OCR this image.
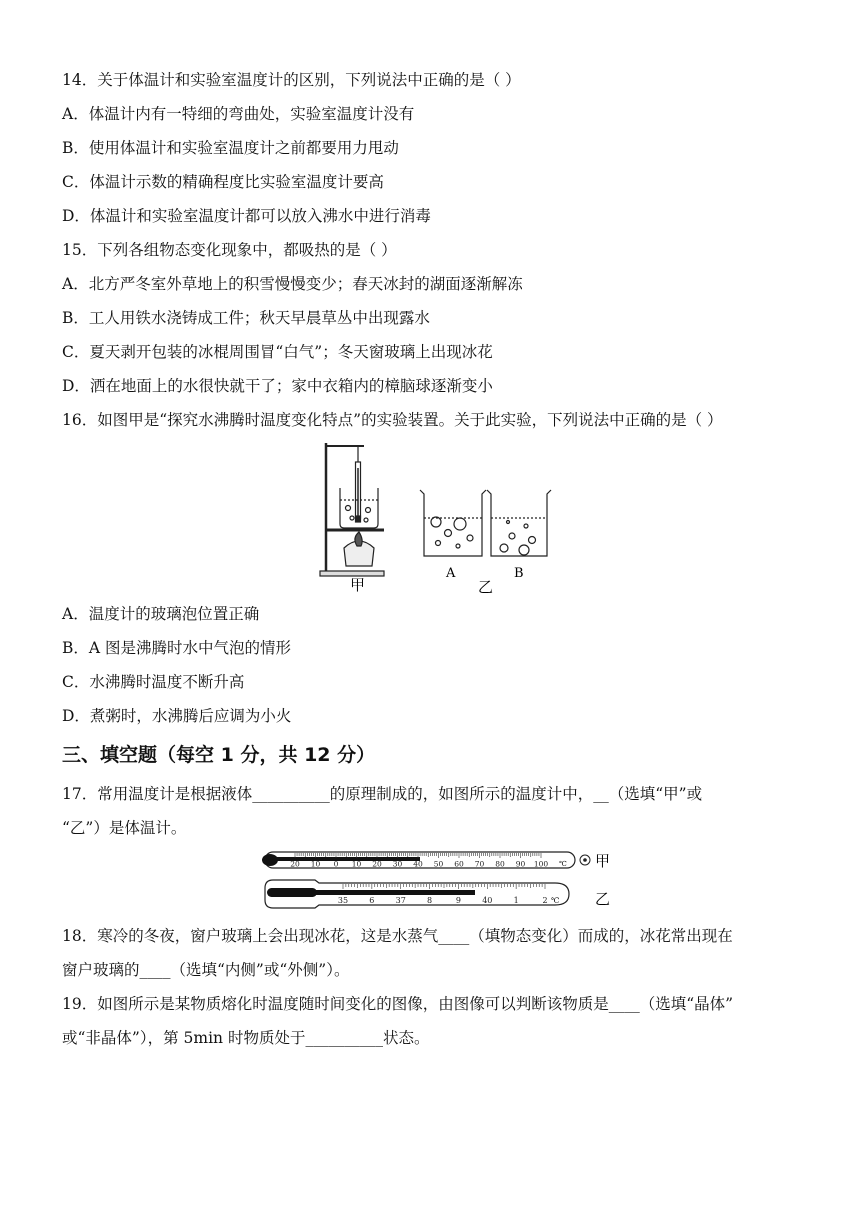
14．关于体温计和实验室温度计的区别，下列说法中正确的是（ ）
A．体温计内有一特细的弯曲处，实验室温度计没有
B．使用体温计和实验室温度计之前都要用力甩动
C．体温计示数的精确程度比实验室温度计要高
D．体温计和实验室温度计都可以放入沸水中进行消毒
15．下列各组物态变化现象中，都吸热的是（ ）
A．北方严冬室外草地上的积雪慢慢变少；春天冰封的湖面逐渐解冻
B．工人用铁水浇铸成工件；秋天早晨草丛中出现露水
C．夏天剥开包装的冰棍周围冒“白气”；冬天窗玻璃上出现冰花
D．洒在地面上的水很快就干了；家中衣箱内的樟脑球逐渐变小
16．如图甲是“探究水沸腾时温度变化特点”的实验装置。关于此实验，下列说法中正确的是（ ）
甲
A	B
乙
A．温度计的玻璃泡位置正确
B．A 图是沸腾时水中气泡的情形
C．水沸腾时温度不断升高
D．煮粥时，水沸腾后应调为小火
三、填空题（每空 1 分，共 12 分）
17．常用温度计是根据液体__________的原理制成的，如图所示的温度计中，__（选填“甲”或
“乙”）是体温计。
20 10 0 10 20 30 40 50 60 70 80 90 100 ℃ 甲
35	6	37	8	9	40	1	2 ℃ 乙
18．寒冷的冬夜，窗户玻璃上会出现冰花，这是水蒸气____（填物态变化）而成的，冰花常出现在
窗户玻璃的____（选填“内侧”或“外侧”）。
19．如图所示是某物质熔化时温度随时间变化的图像，由图像可以判断该物质是____（选填“晶体”
或“非晶体”），第 5min 时物质处于__________状态。
